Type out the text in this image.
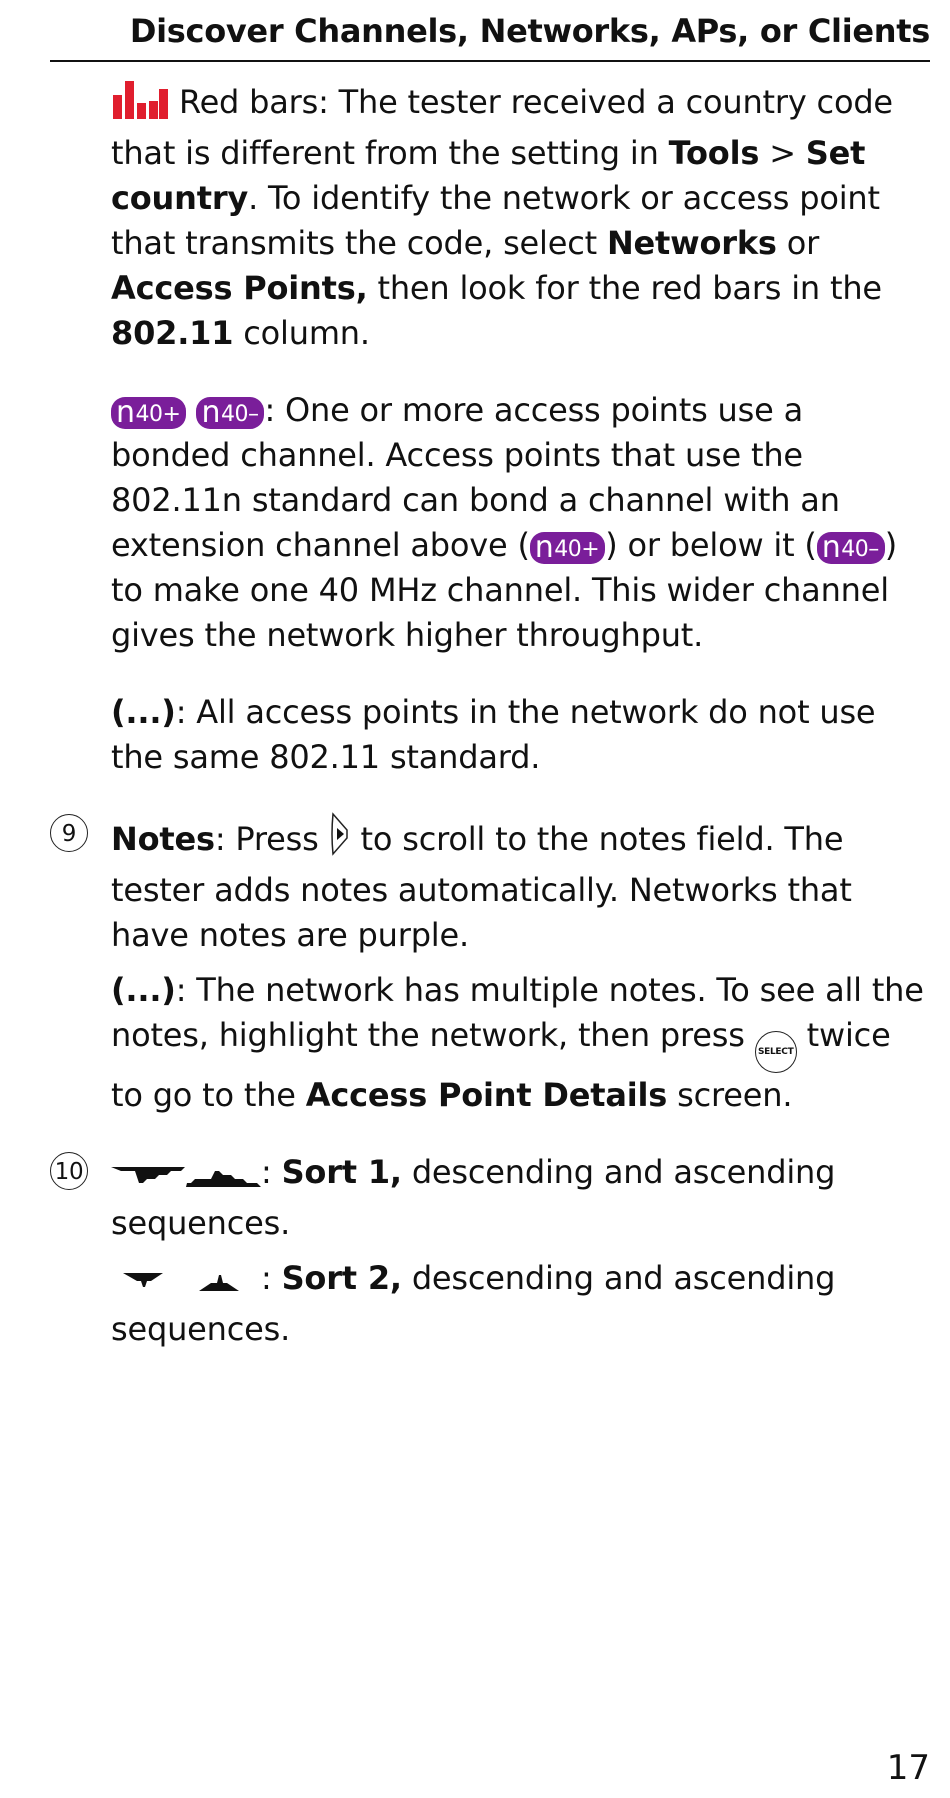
Discover Channels, Networks, APs, or Clients
Red bars: The tester received a country code that is different from the setting in Tools > Set country. To identify the network or access point that transmits the code, select Networks or Access Points, then look for the red bars in the 802.11 column.
n40+ n40– : One or more access points use a bonded channel. Access points that use the 802.11n standard can bond a channel with an extension channel above ( n40+ ) or below it ( n40– ) to make one 40 MHz channel. This wider channel gives the network higher throughput.
(...): All access points in the network do not use the same 802.11 standard.
9	Notes: Press  to scroll to the notes field. The tester adds notes automatically. Networks that have notes are purple.
(...): The network has multiple notes. To see all the notes, highlight the network, then press SELECT twice to go to the Access Point Details screen.
10	: Sort 1, descending and ascending sequences.
: Sort 2, descending and ascending sequences.
17
